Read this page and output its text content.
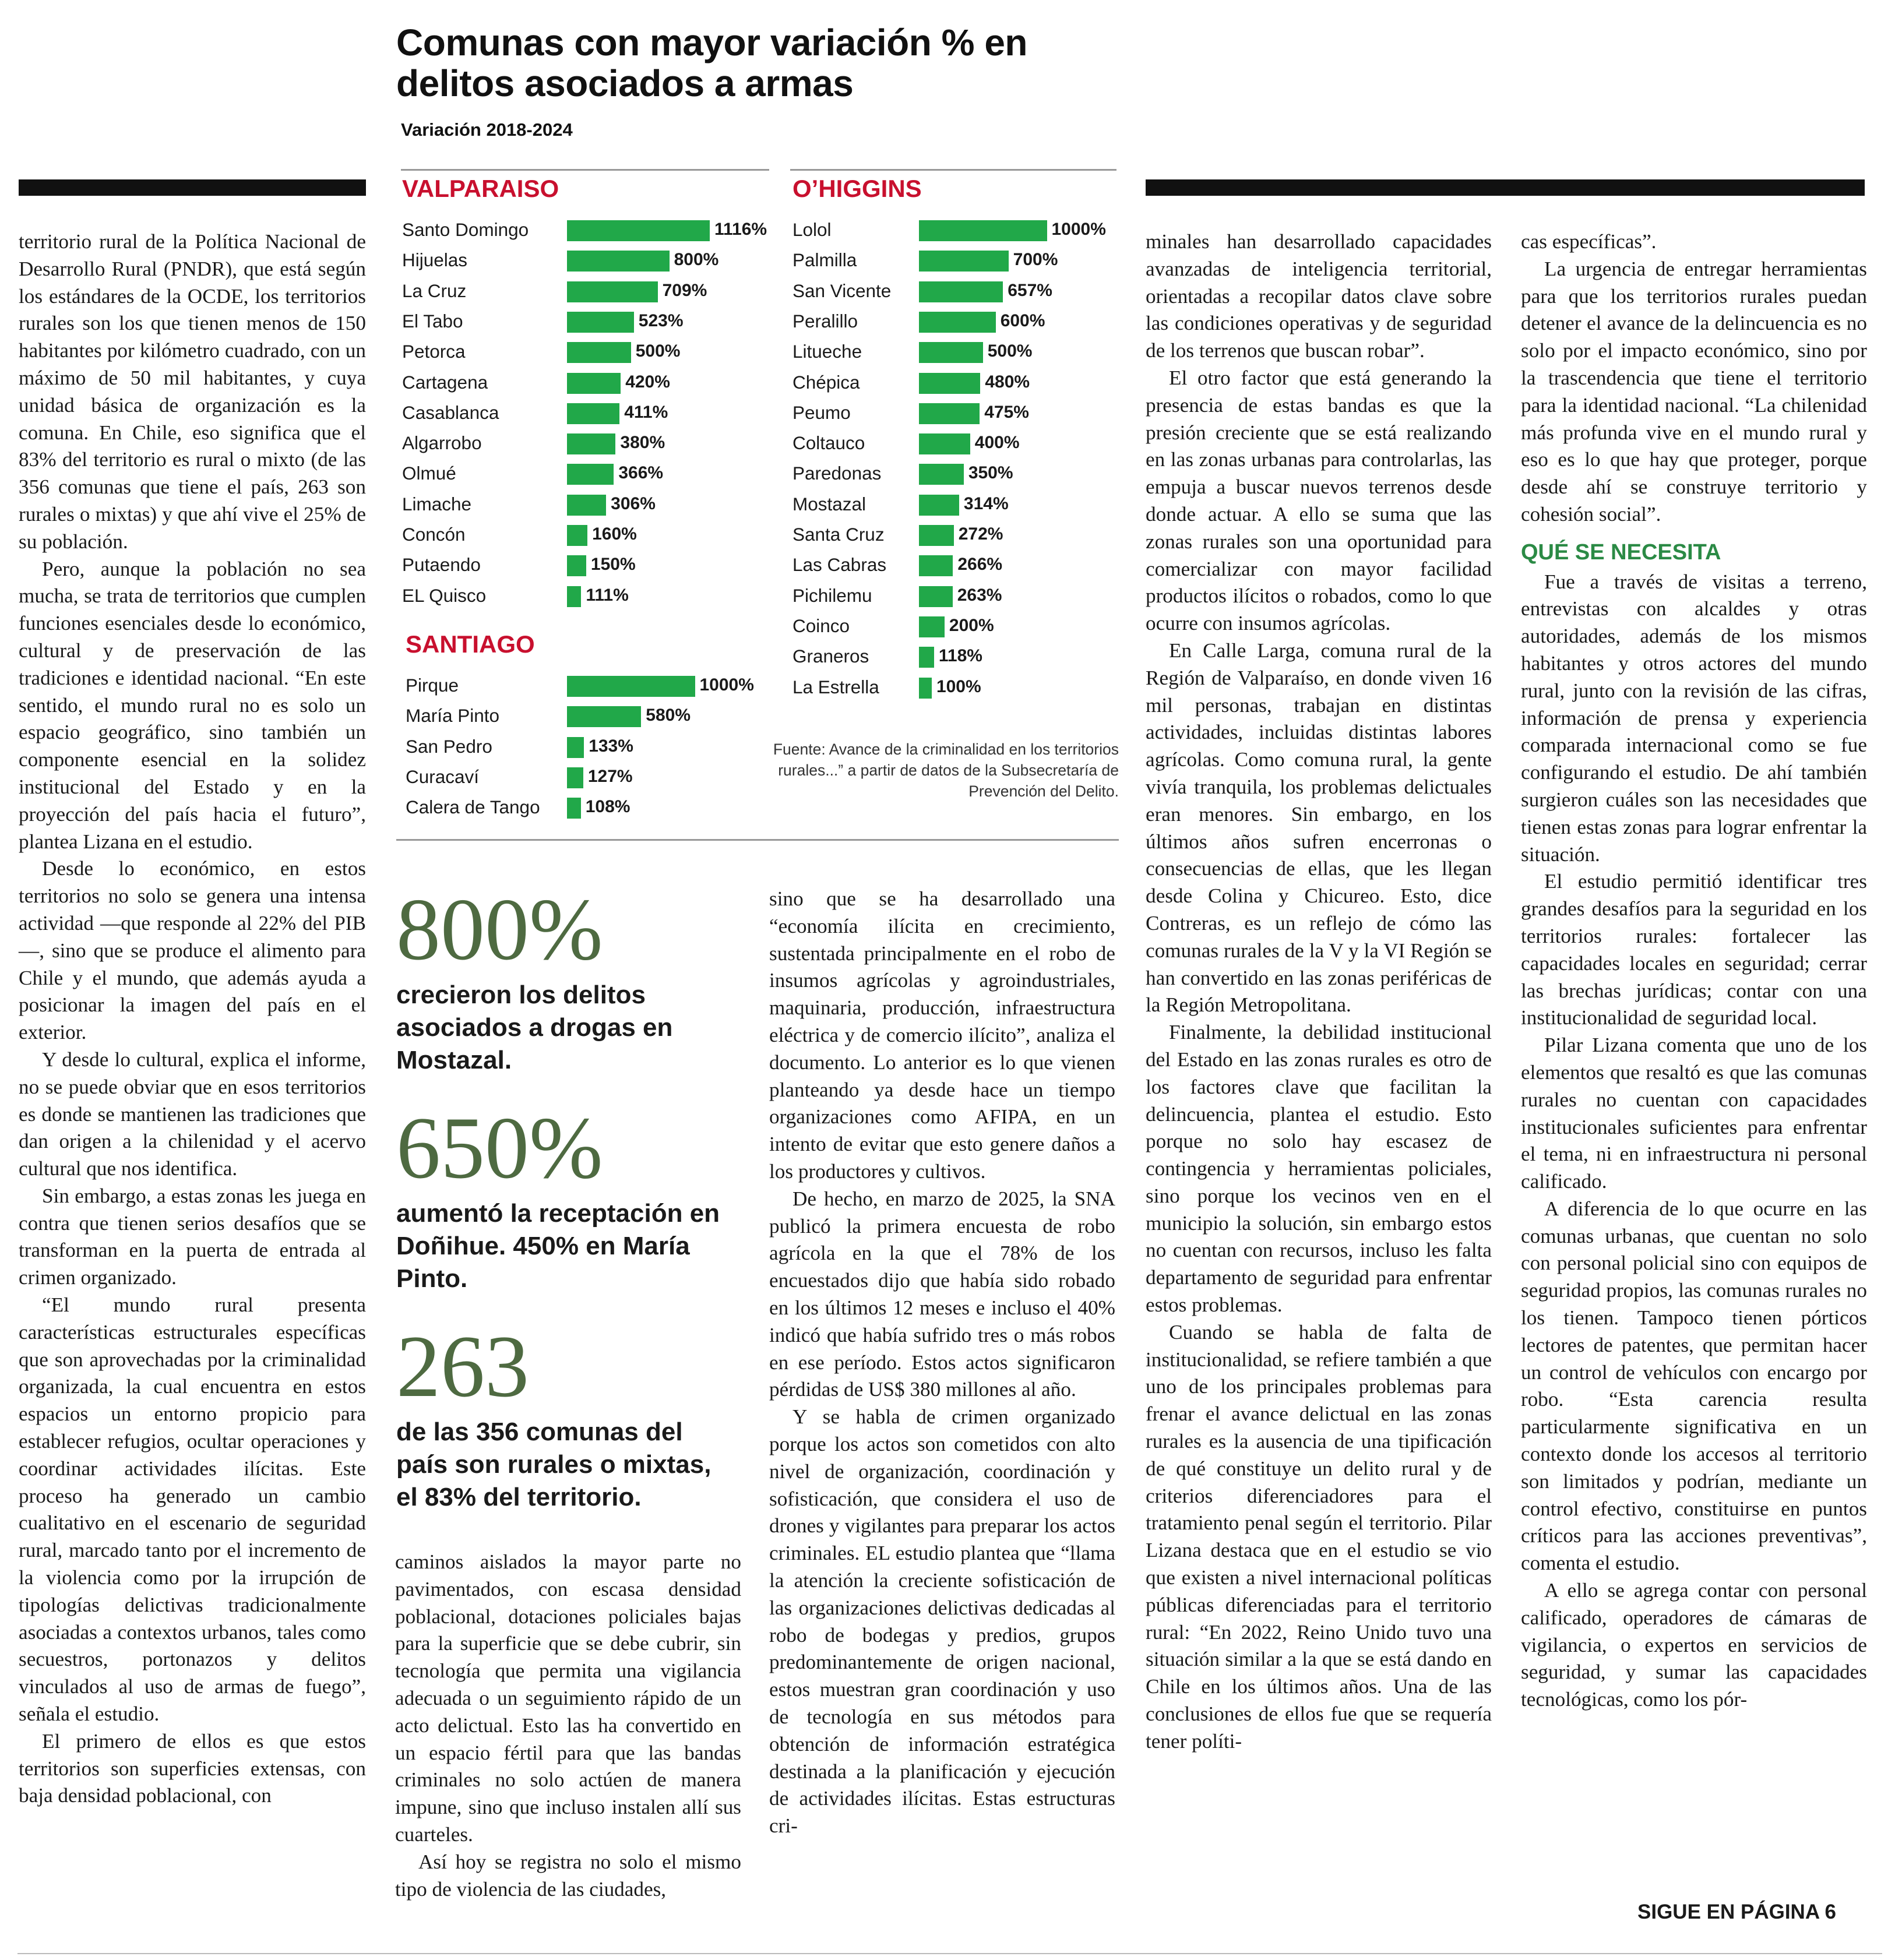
Comunas con mayor variación % en delitos asociados a armas
Variación 2018-2024
VALPARAISO
Santo Domingo	1116%
Hijuelas	800%
La Cruz	709%
El Tabo	523%
Petorca	500%
Cartagena	420%
Casablanca	411%
Algarrobo	380%
Olmué	366%
Limache	306%
Concón	160%
Putaendo	150%
EL Quisco	111%
SANTIAGO
Pirque	1000%
María Pinto	580%
San Pedro	133%
Curacaví	127%
Calera de Tango	108%
O’HIGGINS
Lolol	1000%
Palmilla	700%
San Vicente	657%
Peralillo	600%
Litueche	500%
Chépica	480%
Peumo	475%
Coltauco	400%
Paredonas	350%
Mostazal	314%
Santa Cruz	272%
Las Cabras	266%
Pichilemu	263%
Coinco	200%
Graneros	118%
La Estrella	100%
Fuente: Avance de la criminalidad en los territorios rurales...” a partir de datos de la Subsecretaría de Prevención del Delito.
800%
crecieron los delitos asociados a drogas en Mostazal.
650%
aumentó la receptación en Doñihue. 450% en María Pinto.
263
de las 356 comunas del país son rurales o mixtas, el 83% del territorio.

territorio rural de la Política Nacional de Desarrollo Rural (PNDR), que está según los estándares de la OCDE, los territorios rurales son los que tienen menos de 150 habitantes por kilómetro cuadrado, con un máximo de 50 mil habitantes, y cuya unidad básica de organización es la comuna. En Chile, eso significa que el 83% del territorio es rural o mixto (de las 356 comunas que tiene el país, 263 son rurales o mixtas) y que ahí vive el 25% de su población.

Pero, aunque la población no sea mucha, se trata de territorios que cumplen funciones esenciales desde lo económico, cultural y de preservación de las tradiciones e identidad nacional. “En este sentido, el mundo rural no es solo un espacio geográfico, sino también un componente esencial en la solidez institucional del Estado y en la proyección del país hacia el futuro”, plantea Lizana en el estudio.

Desde lo económico, en estos territorios no solo se genera una intensa actividad —que responde al 22% del PIB—, sino que se produce el alimento para Chile y el mundo, que además ayuda a posicionar la imagen del país en el exterior.

Y desde lo cultural, explica el informe, no se puede obviar que en esos territorios es donde se mantienen las tradiciones que dan origen a la chilenidad y el acervo cultural que nos identifica.

Sin embargo, a estas zonas les juega en contra que tienen serios desafíos que se transforman en la puerta de entrada al crimen organizado.

“El mundo rural presenta características estructurales específicas que son aprovechadas por la criminalidad organizada, la cual encuentra en estos espacios un entorno propicio para establecer refugios, ocultar operaciones y coordinar actividades ilícitas. Este proceso ha generado un cambio cualitativo en el escenario de seguridad rural, marcado tanto por el incremento de la violencia como por la irrupción de tipologías delictivas tradicionalmente asociadas a contextos urbanos, tales como secuestros, portonazos y delitos vinculados al uso de armas de fuego”, señala el estudio.

El primero de ellos es que estos territorios son superficies extensas, con baja densidad poblacional, con

caminos aislados la mayor parte no pavimentados, con escasa densidad poblacional, dotaciones policiales bajas para la superficie que se debe cubrir, sin tecnología que permita una vigilancia adecuada o un seguimiento rápido de un acto delictual. Esto las ha convertido en un espacio fértil para que las bandas criminales no solo actúen de manera impune, sino que incluso instalen allí sus cuarteles.

Así hoy se registra no solo el mismo tipo de violencia de las ciudades,

sino que se ha desarrollado una “economía ilícita en crecimiento, sustentada principalmente en el robo de insumos agrícolas y agroindustriales, maquinaria, producción, infraestructura eléctrica y de comercio ilícito”, analiza el documento. Lo anterior es lo que vienen planteando ya desde hace un tiempo organizaciones como AFIPA, en un intento de evitar que esto genere daños a los productores y cultivos.

De hecho, en marzo de 2025, la SNA publicó la primera encuesta de robo agrícola en la que el 78% de los encuestados dijo que había sido robado en los últimos 12 meses e incluso el 40% indicó que había sufrido tres o más robos en ese período. Estos actos significaron pérdidas de US$ 380 millones al año.

Y se habla de crimen organizado porque los actos son cometidos con alto nivel de organización, coordinación y sofisticación, que considera el uso de drones y vigilantes para preparar los actos criminales. EL estudio plantea que “llama la atención la creciente sofisticación de las organizaciones delictivas dedicadas al robo de bodegas y predios, grupos predominantemente de origen nacional, estos muestran gran coordinación y uso de tecnología en sus métodos para obtención de información estratégica destinada a la planificación y ejecución de actividades ilícitas. Estas estructuras cri-

minales han desarrollado capacidades avanzadas de inteligencia territorial, orientadas a recopilar datos clave sobre las condiciones operativas y de seguridad de los terrenos que buscan robar”.

El otro factor que está generando la presencia de estas bandas es que la presión creciente que se está realizando en las zonas urbanas para controlarlas, las empuja a buscar nuevos terrenos desde donde actuar. A ello se suma que las zonas rurales son una oportunidad para comercializar con mayor facilidad productos ilícitos o robados, como lo que ocurre con insumos agrícolas.

En Calle Larga, comuna rural de la Región de Valparaíso, en donde viven 16 mil personas, trabajan en distintas actividades, incluidas distintas labores agrícolas. Como comuna rural, la gente vivía tranquila, los problemas delictuales eran menores. Sin embargo, en los últimos años sufren encerronas o consecuencias de ellas, que les llegan desde Colina y Chicureo. Esto, dice Contreras, es un reflejo de cómo las comunas rurales de la V y la VI Región se han convertido en las zonas periféricas de la Región Metropolitana.

Finalmente, la debilidad institucional del Estado en las zonas rurales es otro de los factores clave que facilitan la delincuencia, plantea el estudio. Esto porque no solo hay escasez de contingencia y herramientas policiales, sino porque los vecinos ven en el municipio la solución, sin embargo estos no cuentan con recursos, incluso les falta departamento de seguridad para enfrentar estos problemas.

Cuando se habla de falta de institucionalidad, se refiere también a que uno de los principales problemas para frenar el avance delictual en las zonas rurales es la ausencia de una tipificación de qué constituye un delito rural y de criterios diferenciadores para el tratamiento penal según el territorio. Pilar Lizana destaca que en el estudio se vio que existen a nivel internacional políticas públicas diferenciadas para el territorio rural: “En 2022, Reino Unido tuvo una situación similar a la que se está dando en Chile en los últimos años. Una de las conclusiones de ellos fue que se requería tener políti-

cas específicas”.

La urgencia de entregar herramientas para que los territorios rurales puedan detener el avance de la delincuencia es no solo por el impacto económico, sino por la trascendencia que tiene el territorio para la identidad nacional. “La chilenidad más profunda vive en el mundo rural y eso es lo que hay que proteger, porque desde ahí se construye territorio y cohesión social”.

QUÉ SE NECESITA

Fue a través de visitas a terreno, entrevistas con alcaldes y otras autoridades, además de los mismos habitantes y otros actores del mundo rural, junto con la revisión de las cifras, información de prensa y experiencia comparada internacional como se fue configurando el estudio. De ahí también surgieron cuáles son las necesidades que tienen estas zonas para lograr enfrentar la situación.

El estudio permitió identificar tres grandes desafíos para la seguridad en los territorios rurales: fortalecer las capacidades locales en seguridad; cerrar las brechas jurídicas; contar con una institucionalidad de seguridad local.

Pilar Lizana comenta que uno de los elementos que resaltó es que las comunas rurales no cuentan con capacidades institucionales suficientes para enfrentar el tema, ni en infraestructura ni personal calificado.

A diferencia de lo que ocurre en las comunas urbanas, que cuentan no solo con personal policial sino con equipos de seguridad propios, las comunas rurales no los tienen. Tampoco tienen pórticos lectores de patentes, que permitan hacer un control de vehículos con encargo por robo. “Esta carencia resulta particularmente significativa en un contexto donde los accesos al territorio son limitados y podrían, mediante un control efectivo, constituirse en puntos críticos para las acciones preventivas”, comenta el estudio.

A ello se agrega contar con personal calificado, operadores de cámaras de vigilancia, o expertos en servicios de seguridad, y sumar las capacidades tecnológicas, como los pór-

SIGUE EN PÁGINA 6
